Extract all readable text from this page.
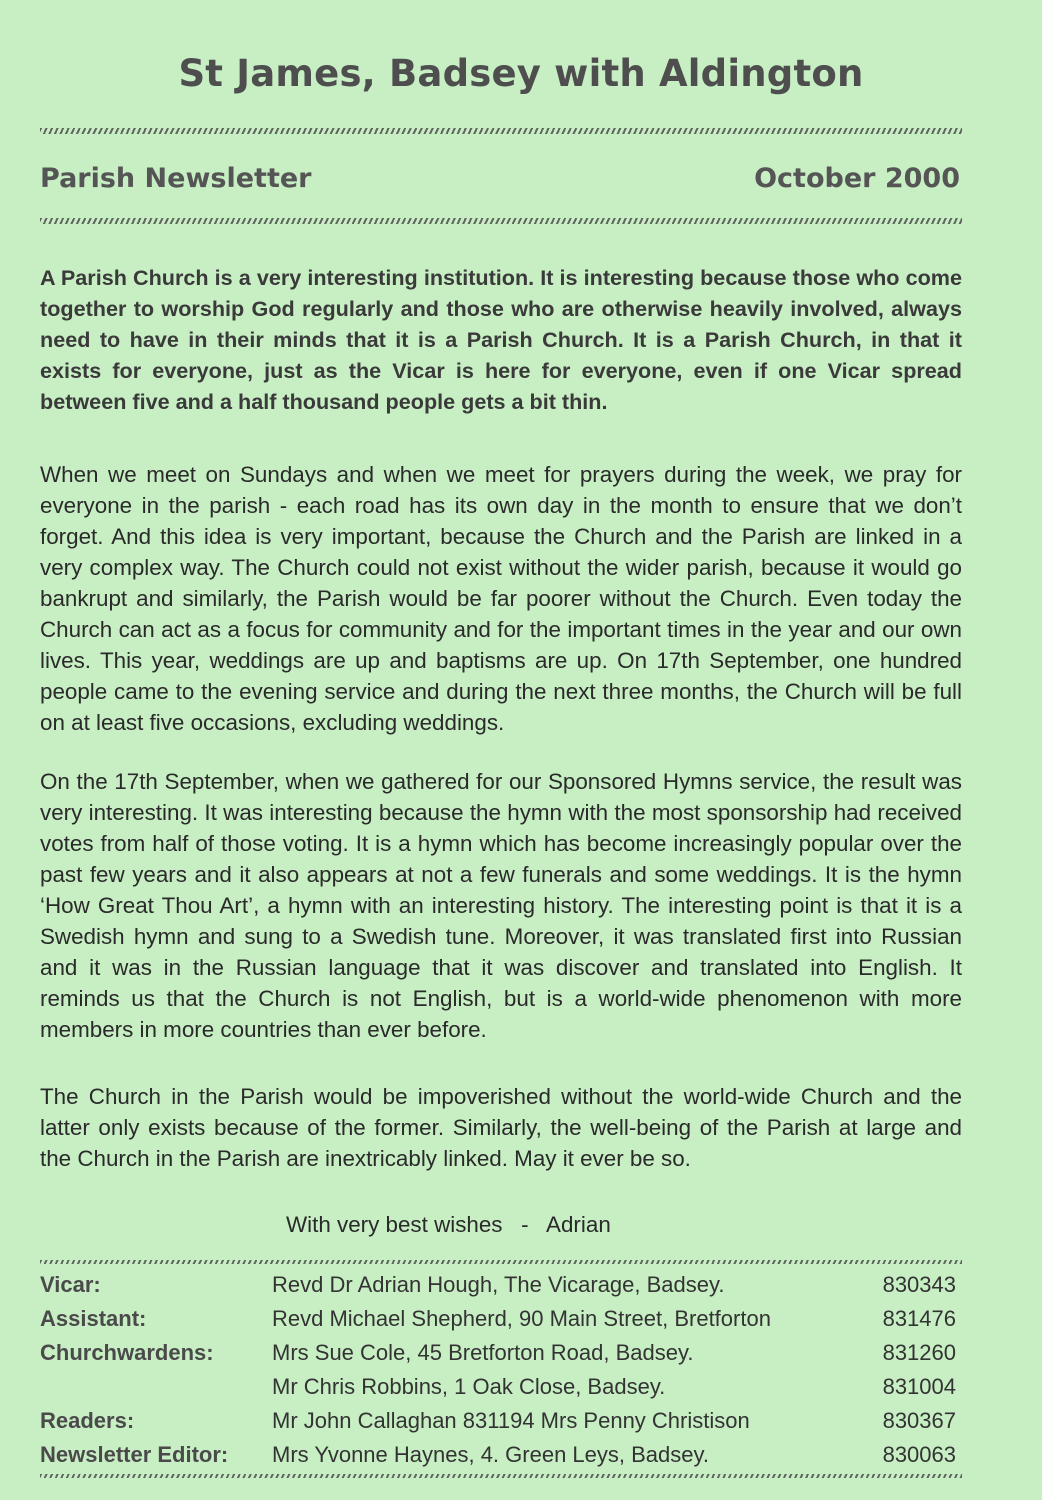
St James, Badsey with Aldington
Parish Newsletter	October 2000

A Parish Church is a very interesting institution. It is interesting because those who come together to worship God regularly and those who are otherwise heavily involved, always need to have in their minds that it is a Parish Church. It is a Parish Church, in that it exists for everyone, just as the Vicar is here for everyone, even if one Vicar spread between five and a half thousand people gets a bit thin.

When we meet on Sundays and when we meet for prayers during the week, we pray for everyone in the parish - each road has its own day in the month to ensure that we don’t forget. And this idea is very important, because the Church and the Parish are linked in a very complex way. The Church could not exist without the wider parish, because it would go bankrupt and similarly, the Parish would be far poorer without the Church. Even today the Church can act as a focus for community and for the important times in the year and our own lives. This year, weddings are up and baptisms are up. On 17th September, one hundred people came to the evening service and during the next three months, the Church will be full on at least five occasions, excluding weddings.

On the 17th September, when we gathered for our Sponsored Hymns service, the result was very interesting. It was interesting because the hymn with the most sponsorship had received votes from half of those voting. It is a hymn which has become increasingly popular over the past few years and it also appears at not a few funerals and some weddings. It is the hymn ‘How Great Thou Art’, a hymn with an interesting history. The interesting point is that it is a Swedish hymn and sung to a Swedish tune. Moreover, it was translated first into Russian and it was in the Russian language that it was discover and translated into English. It reminds us that the Church is not English, but is a world-wide phenomenon with more members in more countries than ever before.

The Church in the Parish would be impoverished without the world-wide Church and the latter only exists because of the former. Similarly, the well-being of the Parish at large and the Church in the Parish are inextricably linked. May it ever be so.

With very best wishes   -   Adrian
Vicar:	Revd Dr Adrian Hough, The Vicarage, Badsey.	830343
Assistant:	Revd Michael Shepherd, 90 Main Street, Bretforton	831476
Churchwardens:	Mrs Sue Cole, 45 Bretforton Road, Badsey.	831260
	Mr Chris Robbins, 1 Oak Close, Badsey.	831004
Readers:	Mr John Callaghan 831194 Mrs Penny Christison	830367
Newsletter Editor:	Mrs Yvonne Haynes, 4. Green Leys, Badsey.	830063
